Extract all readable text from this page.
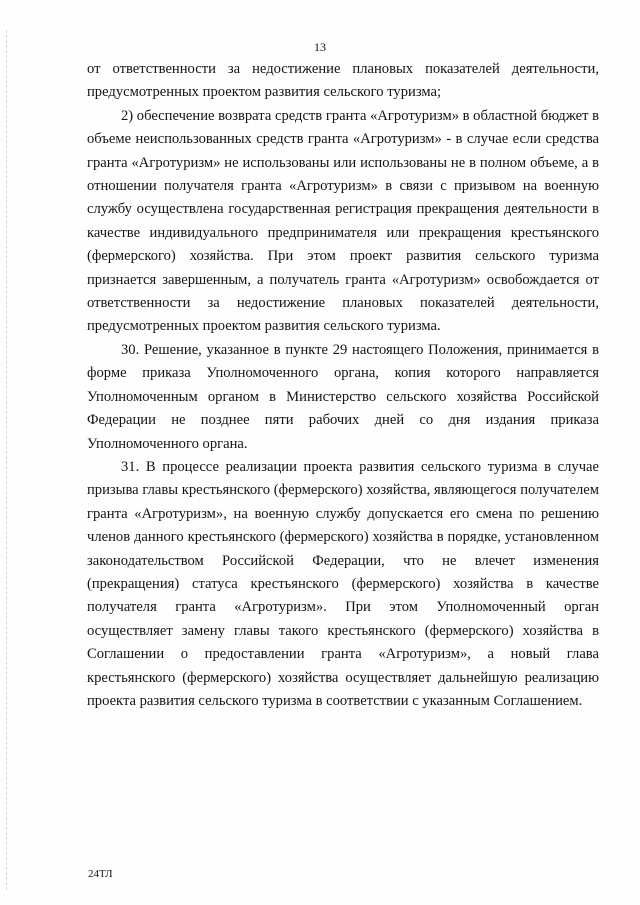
13

от ответственности за недостижение плановых показателей деятельности, предусмотренных проектом развития сельского туризма;

2) обеспечение возврата средств гранта «Агротуризм» в областной бюджет в объеме неиспользованных средств гранта «Агротуризм» - в случае если средства гранта «Агротуризм» не использованы или использованы не в полном объеме, а в отношении получателя гранта «Агротуризм» в связи с призывом на военную службу осуществлена государственная регистрация прекращения деятельности в качестве индивидуального предпринимателя или прекращения крестьянского (фермерского) хозяйства. При этом проект развития сельского туризма признается завершенным, а получатель гранта «Агротуризм» освобождается от ответственности за недостижение плановых показателей деятельности, предусмотренных проектом развития сельского туризма.

30. Решение, указанное в пункте 29 настоящего Положения, принимается в форме приказа Уполномоченного органа, копия которого направляется Уполномоченным органом в Министерство сельского хозяйства Российской Федерации не позднее пяти рабочих дней со дня издания приказа Уполномоченного органа.

31. В процессе реализации проекта развития сельского туризма в случае призыва главы крестьянского (фермерского) хозяйства, являющегося получателем гранта «Агротуризм», на военную службу допускается его смена по решению членов данного крестьянского (фермерского) хозяйства в порядке, установленном законодательством Российской Федерации, что не влечет изменения (прекращения) статуса крестьянского (фермерского) хозяйства в качестве получателя гранта «Агротуризм». При этом Уполномоченный орган осуществляет замену главы такого крестьянского (фермерского) хозяйства в Соглашении о предоставлении гранта «Агротуризм», а новый глава крестьянского (фермерского) хозяйства осуществляет дальнейшую реализацию проекта развития сельского туризма в соответствии с указанным Соглашением.

24ТЛ
